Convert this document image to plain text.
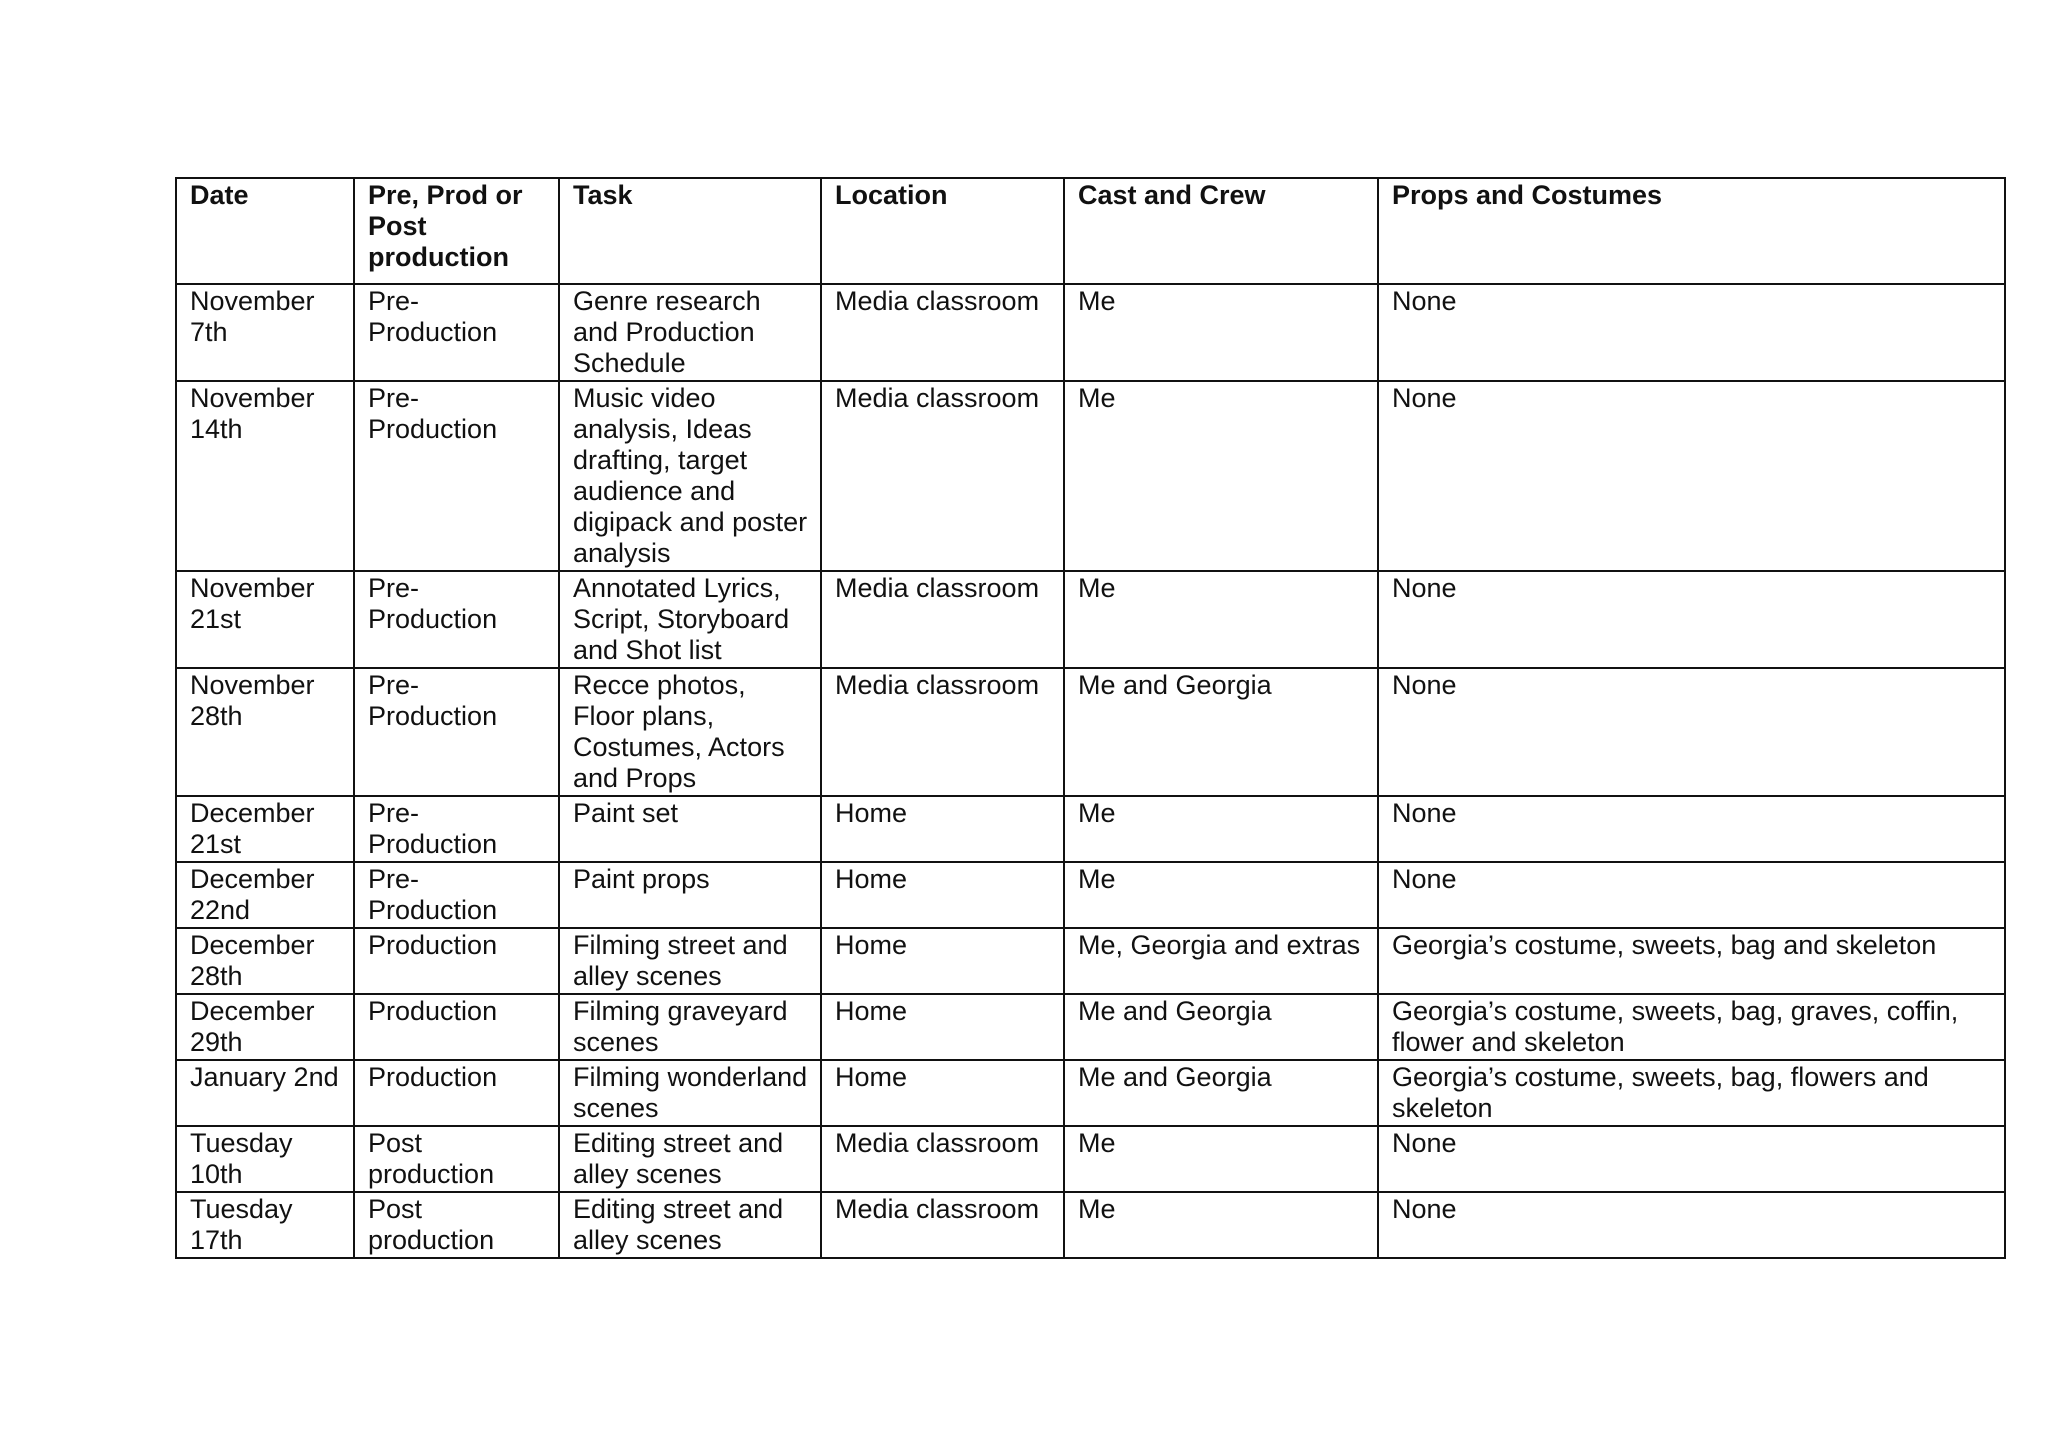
Date	Pre, Prod or Post production	Task	Location	Cast and Crew	Props and Costumes
November 7th	Pre-Production	Genre research and Production Schedule	Media classroom	Me	None
November 14th	Pre-Production	Music video analysis, Ideas drafting, target audience and digipack and poster analysis	Media classroom	Me	None
November 21st	Pre-Production	Annotated Lyrics, Script, Storyboard and Shot list	Media classroom	Me	None
November 28th	Pre-Production	Recce photos, Floor plans, Costumes, Actors and Props	Media classroom	Me and Georgia	None
December 21st	Pre-Production	Paint set	Home	Me	None
December 22nd	Pre-Production	Paint props	Home	Me	None
December 28th	Production	Filming street and alley scenes	Home	Me, Georgia and extras	Georgia’s costume, sweets, bag and skeleton
December 29th	Production	Filming graveyard scenes	Home	Me and Georgia	Georgia’s costume, sweets, bag, graves, coffin, flower and skeleton
January 2nd	Production	Filming wonderland scenes	Home	Me and Georgia	Georgia’s costume, sweets, bag, flowers and skeleton
Tuesday 10th	Post production	Editing street and alley scenes	Media classroom	Me	None
Tuesday 17th	Post production	Editing street and alley scenes	Media classroom	Me	None
